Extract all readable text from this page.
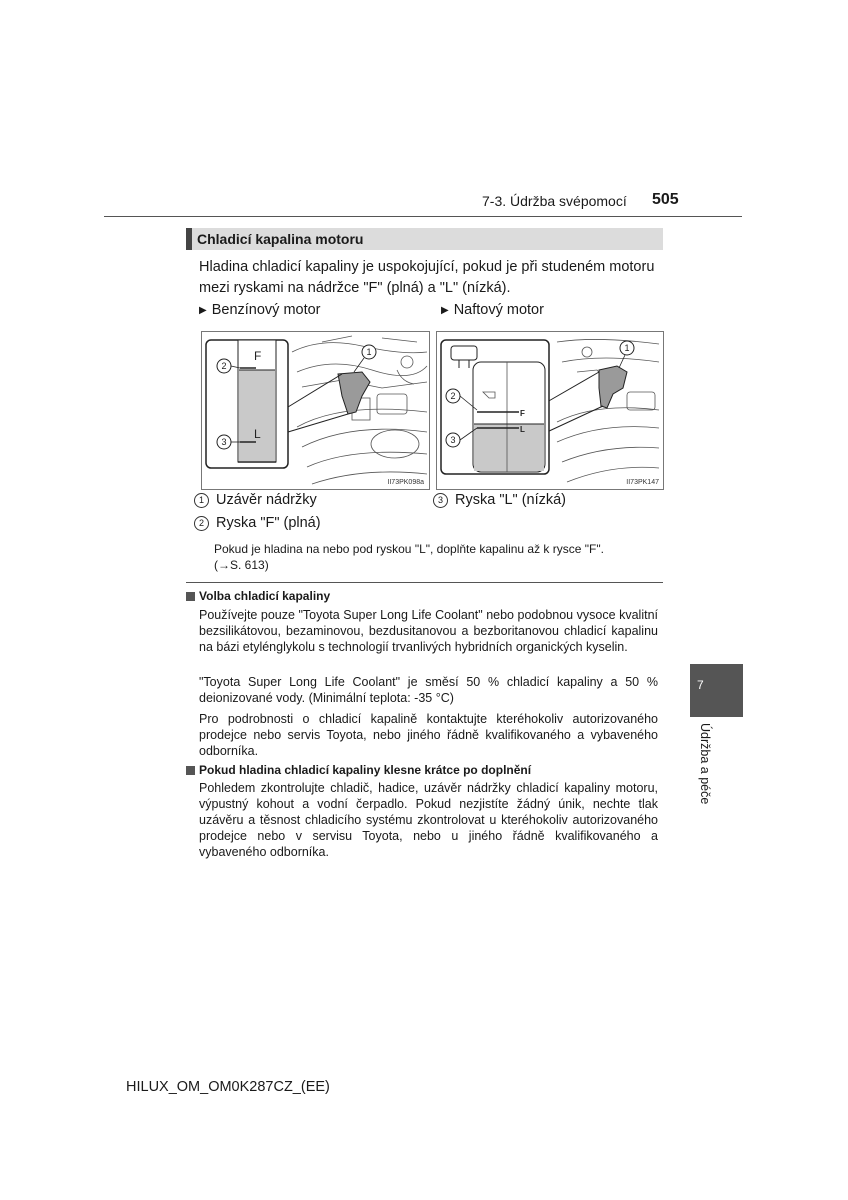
7-3. Údržba svépomocí 505
Chladicí kapalina motoru
Hladina chladicí kapaliny je uspokojující, pokud je při studeném motoru mezi ryskami na nádržce "F" (plná) a "L" (nízká).
▶ Benzínový motor	▶ Naftový motor
F
L
2
3
1
II73PK098a
F
L
2
3
1
II73PK147
1 Uzávěr nádržky	3 Ryska "L" (nízká)
2 Ryska "F" (plná)
Pokud je hladina na nebo pod ryskou "L", doplňte kapalinu až k rysce "F".
(→S. 613)
Volba chladicí kapaliny
Používejte pouze "Toyota Super Long Life Coolant" nebo podobnou vysoce kvalitní bezsilikátovou, bezaminovou, bezdusitanovou a bezboritanovou chladicí kapalinu na bázi etylénglykolu s technologií trvanlivých hybridních organických kyselin.
"Toyota Super Long Life Coolant" je směsí 50 % chladicí kapaliny a 50 % deionizované vody. (Minimální teplota: -35 °C)
Pro podrobnosti o chladicí kapalině kontaktujte kteréhokoliv autorizovaného prodejce nebo servis Toyota, nebo jiného řádně kvalifikovaného a vybaveného odborníka.
Pokud hladina chladicí kapaliny klesne krátce po doplnění
Pohledem zkontrolujte chladič, hadice, uzávěr nádržky chladicí kapaliny motoru, výpustný kohout a vodní čerpadlo. Pokud nezjistíte žádný únik, nechte tlak uzávěru a těsnost chladicího systému zkontrolovat u kteréhokoliv autorizovaného prodejce nebo v servisu Toyota, nebo u jiného řádně kvalifikovaného a vybaveného odborníka.
7
Údržba a péče
HILUX_OM_OM0K287CZ_(EE)
